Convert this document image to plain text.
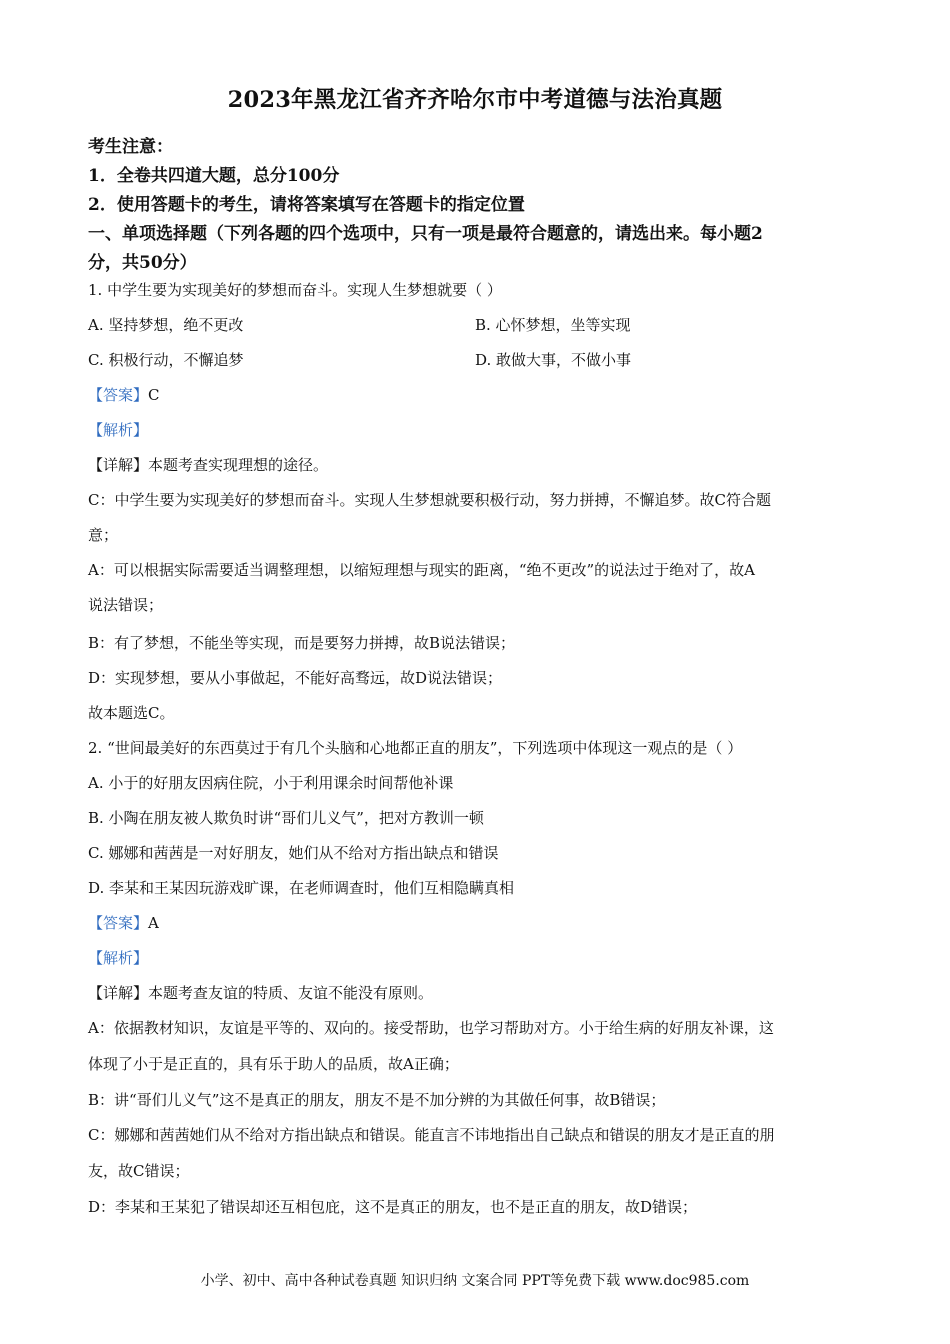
2023年黑龙江省齐齐哈尔市中考道德与法治真题
考生注意：
1．全卷共四道大题，总分100分
2．使用答题卡的考生，请将答案填写在答题卡的指定位置
一、单项选择题（下列各题的四个选项中，只有一项是最符合题意的，请选出来。每小题2
分，共50分）
1. 中学生要为实现美好的梦想而奋斗。实现人生梦想就要（ ）
A. 坚持梦想，绝不更改	B. 心怀梦想，坐等实现
C. 积极行动，不懈追梦	D. 敢做大事，不做小事
【答案】C
【解析】
【详解】本题考查实现理想的途径。
C：中学生要为实现美好的梦想而奋斗。实现人生梦想就要积极行动，努力拼搏，不懈追梦。故C符合题
意；
A：可以根据实际需要适当调整理想，以缩短理想与现实的距离，“绝不更改”的说法过于绝对了，故A
说法错误；
B：有了梦想，不能坐等实现，而是要努力拼搏，故B说法错误；
D：实现梦想，要从小事做起，不能好高骛远，故D说法错误；
故本题选C。
2. “世间最美好的东西莫过于有几个头脑和心地都正直的朋友”，下列选项中体现这一观点的是（ ）
A. 小于的好朋友因病住院，小于利用课余时间帮他补课
B. 小陶在朋友被人欺负时讲“哥们儿义气”，把对方教训一顿
C. 娜娜和茜茜是一对好朋友，她们从不给对方指出缺点和错误
D. 李某和王某因玩游戏旷课，在老师调查时，他们互相隐瞒真相
【答案】A
【解析】
【详解】本题考查友谊的特质、友谊不能没有原则。
A：依据教材知识，友谊是平等的、双向的。接受帮助，也学习帮助对方。小于给生病的好朋友补课，这
体现了小于是正直的，具有乐于助人的品质，故A正确；
B：讲“哥们儿义气”这不是真正的朋友，朋友不是不加分辨的为其做任何事，故B错误；
C：娜娜和茜茜她们从不给对方指出缺点和错误。能直言不讳地指出自己缺点和错误的朋友才是正直的朋
友，故C错误；
D：李某和王某犯了错误却还互相包庇，这不是真正的朋友，也不是正直的朋友，故D错误；
小学、初中、高中各种试卷真题 知识归纳 文案合同 PPT等免费下载 www.doc985.com
